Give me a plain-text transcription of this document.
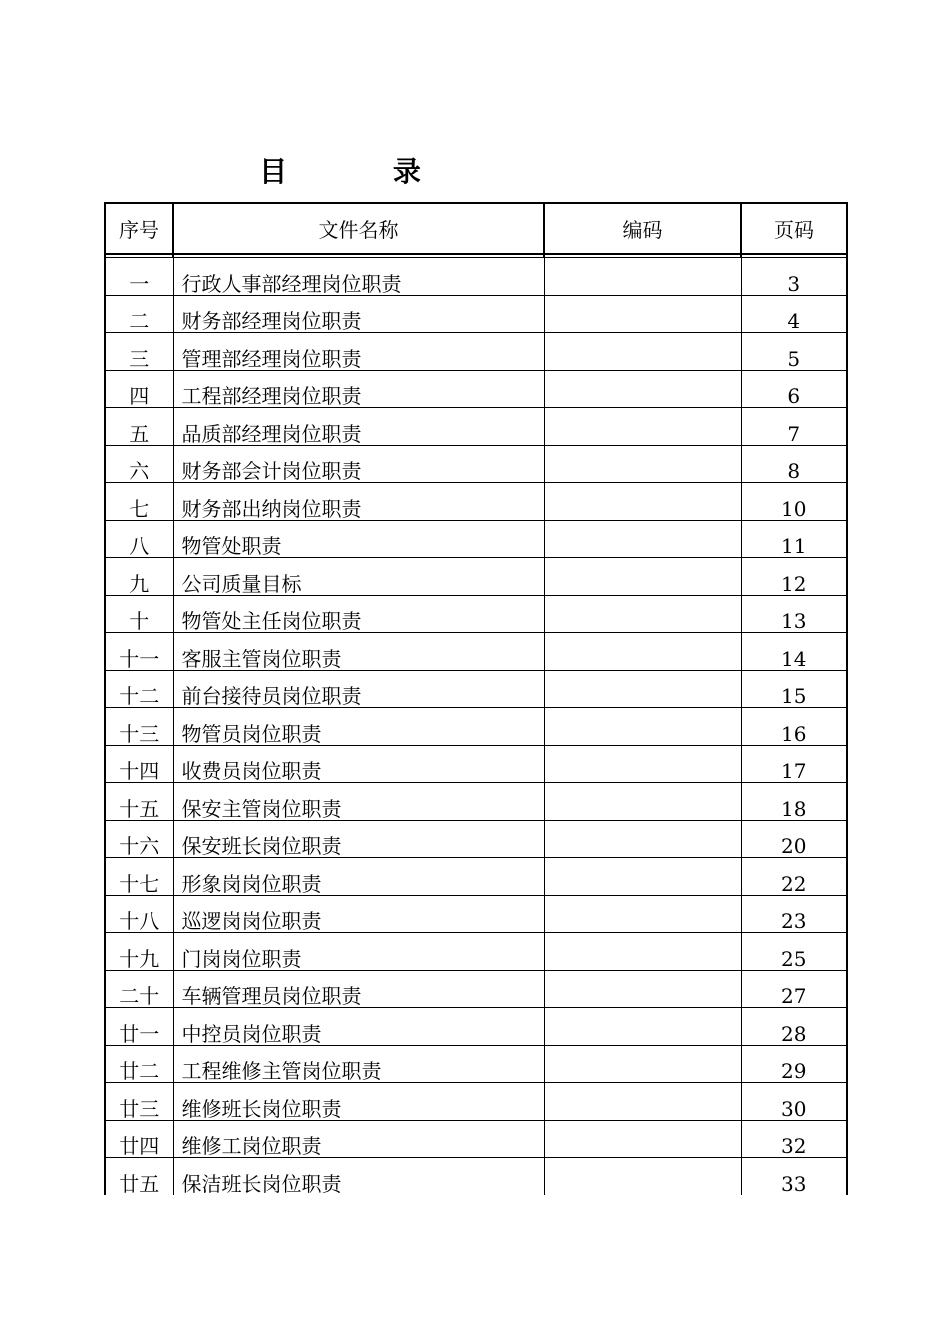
目 录
序号	文件名称	编码	页码

一	行政人事部经理岗位职责		3
二	财务部经理岗位职责		4
三	管理部经理岗位职责		5
四	工程部经理岗位职责		6
五	品质部经理岗位职责		7
六	财务部会计岗位职责		8
七	财务部出纳岗位职责		10
八	物管处职责		11
九	公司质量目标		12
十	物管处主任岗位职责		13
十一	客服主管岗位职责		14
十二	前台接待员岗位职责		15
十三	物管员岗位职责		16
十四	收费员岗位职责		17
十五	保安主管岗位职责		18
十六	保安班长岗位职责		20
十七	形象岗岗位职责		22
十八	巡逻岗岗位职责		23
十九	门岗岗位职责		25
二十	车辆管理员岗位职责		27
廿一	中控员岗位职责		28
廿二	工程维修主管岗位职责		29
廿三	维修班长岗位职责		30
廿四	维修工岗位职责		32
廿五	保洁班长岗位职责		33
